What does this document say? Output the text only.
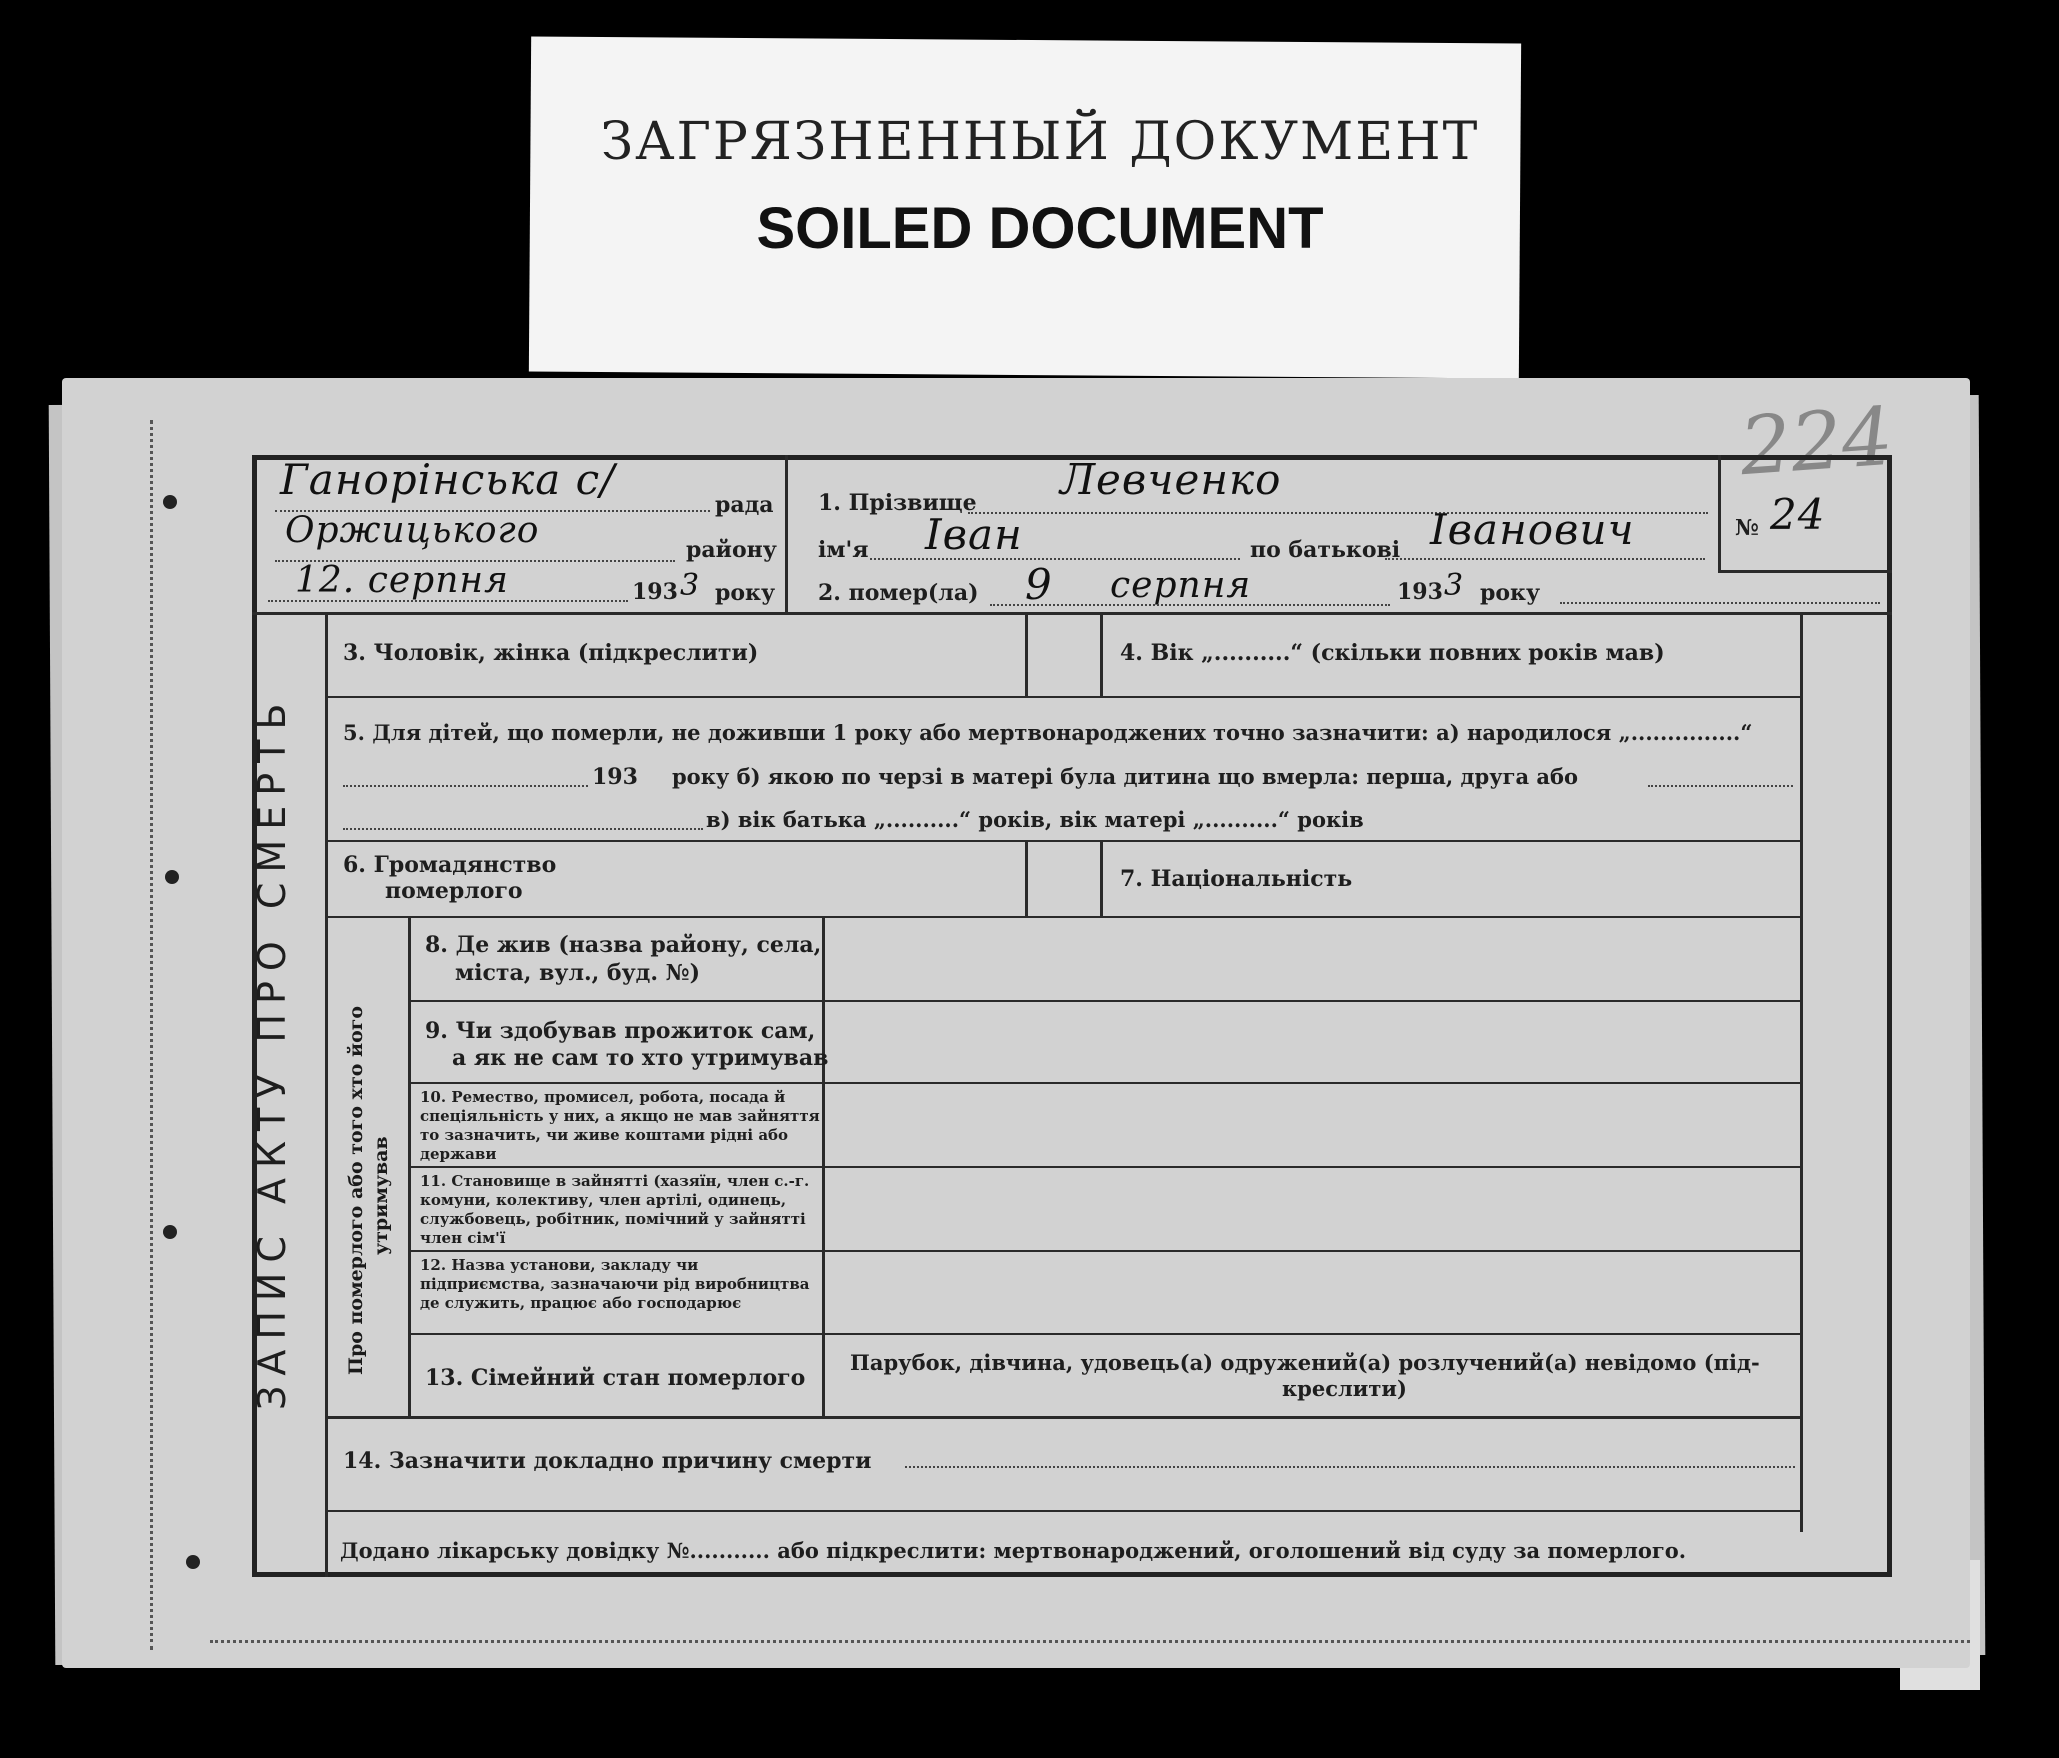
ЗАГРЯЗНЕННЫЙ ДОКУМЕНТ
SOILED DOCUMENT
224
Ганорінська с/
рада
Оржицького	району
12. серпня	193 3 року
1. Прізвище Левченко
ім'я Іван	по батькові Іванович
2. помер(ла) 9 серпня	193 3 року
№ 24
ЗАПИС АКТУ ПРО СМЕРТЬ
3. Чоловік, жінка (підкреслити)	4. Вік „..........“ (скільки повних років мав)
5. Для дітей, що померли, не доживши 1 року або мертвонароджених точно зазначити: а) народилося „...............“
193 року б) якою по черзі в матері була дитина що вмерла: перша, друга або
в) вік батька „..........“ років, вік матері „..........“ років
6. Громадянство
померлого	7. Національність
Про померлого або того хто його утримував
8. Де жив (назва району, села,
міста, вул., буд. №)
9. Чи здобував прожиток сам,
а як не сам то хто утримував
10. Ремество, промисел, робота, посада й спеціяльність у них, а якщо не мав зайняття то зазначить, чи живе коштами рідні або держави
11. Становище в зайнятті (хазяїн, член с.-г. комуни, колективу, член артілі, одинець, службовець, робітник, помічний у зайнятті член сім'ї
12. Назва установи, закладу чи підприємства, зазначаючи рід виробництва де служить, працює або господарює
13. Сімейний стан померлого
Парубок, дівчина, удовець(а) одружений(а) розлучений(а) невідомо (під-
креслити)
14. Зазначити докладно причину смерти
Додано лікарську довідку №........... або підкреслити: мертвонароджений, оголошений від суду за померлого.
